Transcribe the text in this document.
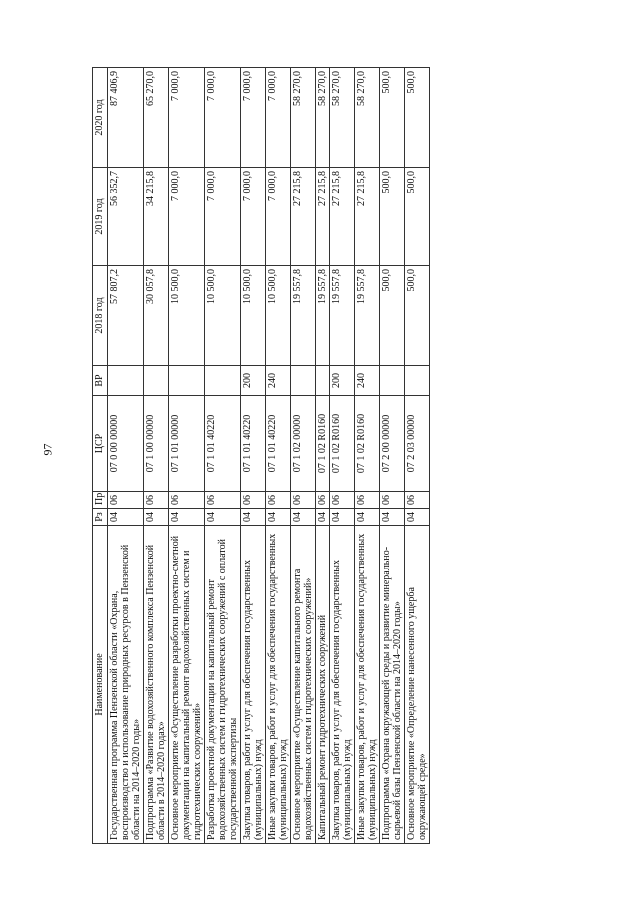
97
Наименование	Рз	Пр	ЦСР	ВР	2018 год	2019 год	2020 год
Государственная программа Пензенской области «Охрана, воспроизводство и использование природных ресурсов в Пензенской области на 2014–2020 годы»	04	06	07 0 00 00000		57 807,2	56 352,7	87 406,9
Подпрограмма «Развитие водохозяйственного комплекса Пензенской области в 2014–2020 годах»	04	06	07 1 00 00000		30 057,8	34 215,8	65 270,0
Основное мероприятие «Осуществление разработки проектно-сметной документации на капитальный ремонт водохозяйственных систем и гидротехнических сооружений»	04	06	07 1 01 00000		10 500,0	7 000,0	7 000,0
Разработка проектной документации на капитальный ремонт водохозяйственных систем и гидротехнических сооружений с оплатой государственной экспертизы	04	06	07 1 01 40220		10 500,0	7 000,0	7 000,0
Закупка товаров, работ и услуг для обеспечения государственных (муниципальных) нужд	04	06	07 1 01 40220	200	10 500,0	7 000,0	7 000,0
Иные закупки товаров, работ и услуг для обеспечения государственных (муниципальных) нужд	04	06	07 1 01 40220	240	10 500,0	7 000,0	7 000,0
Основное мероприятие «Осуществление капитального ремонта водохозяйственных систем и гидротехнических сооружений»	04	06	07 1 02 00000		19 557,8	27 215,8	58 270,0
Капитальный ремонт гидротехнических сооружений	04	06	07 1 02 R0160		19 557,8	27 215,8	58 270,0
Закупка товаров, работ и услуг для обеспечения государственных (муниципальных) нужд	04	06	07 1 02 R0160	200	19 557,8	27 215,8	58 270,0
Иные закупки товаров, работ и услуг для обеспечения государственных (муниципальных) нужд	04	06	07 1 02 R0160	240	19 557,8	27 215,8	58 270,0
Подпрограмма «Охрана окружающей среды и развитие минерально-сырьевой базы Пензенской области на 2014–2020 годы»	04	06	07 2 00 00000		500,0	500,0	500,0
Основное мероприятие «Определение нанесенного ущерба окружающей среде»	04	06	07 2 03 00000		500,0	500,0	500,0
